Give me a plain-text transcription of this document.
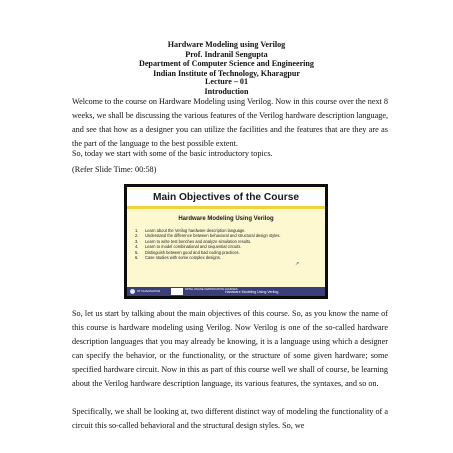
Hardware Modeling using Verilog
Prof. Indranil Sengupta
Department of Computer Science and Engineering
Indian Institute of Technology, Kharagpur
Lecture – 01
Introduction

Welcome to the course on Hardware Modeling using Verilog. Now in this course over the next 8 weeks, we shall be discussing the various features of the Verilog hardware description language, and see that how as a designer you can utilize the facilities and the features that are they are as the part of the language to the best possible extent.

So, today we start with some of the basic introductory topics.

(Refer Slide Time: 00:58)

Main Objectives of the Course
Hardware Modeling Using Verilog
1. Learn about the Verilog hardware description language.
2. Understand the difference between behavioral and structural design styles.
3. Learn to write test benches and analyze simulation results.
4. Learn to model combinational and sequential circuits.
5. Distinguish between good and bad coding practices.
6. Case studies with some complex designs.
↗
IIT KHARAGPUR	NPTEL ONLINE CERTIFICATION COURSES
Hardware Modeling Using Verilog

So, let us start by talking about the main objectives of this course. So, as you know the name of this course is hardware modeling using Verilog. Now Verilog is one of the so-called hardware description languages that you may already be knowing, it is a language using which a designer can specify the behavior, or the functionality, or the structure of some given hardware; some specified hardware circuit. Now in this as part of this course well we shall of course, be learning about the Verilog hardware description language, its various features, the syntaxes, and so on.

Specifically, we shall be looking at, two different distinct way of modeling the functionality of a circuit this so-called behavioral and the structural design styles. So, we
